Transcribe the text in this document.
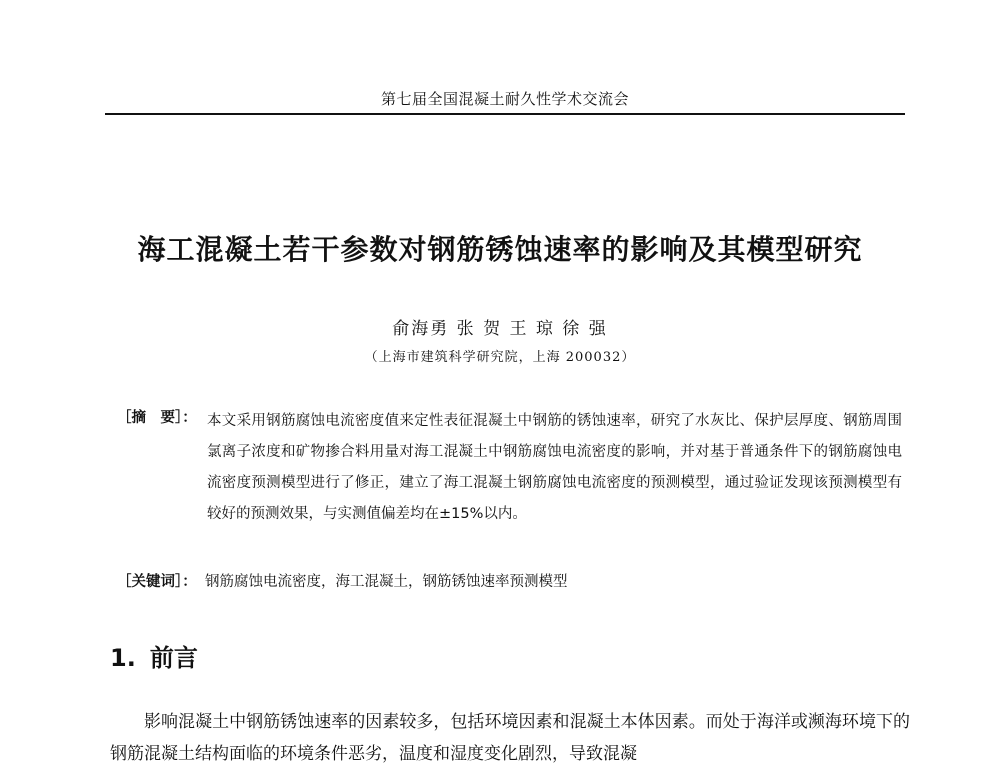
第七届全国混凝土耐久性学术交流会
海工混凝土若干参数对钢筋锈蚀速率的影响及其模型研究
俞海勇 张 贺 王 琼 徐 强
（上海市建筑科学研究院，上海 200032）
［摘　要］： 本文采用钢筋腐蚀电流密度值来定性表征混凝土中钢筋的锈蚀速率，研究了水灰比、保护层厚度、钢筋周围氯离子浓度和矿物掺合料用量对海工混凝土中钢筋腐蚀电流密度的影响，并对基于普通条件下的钢筋腐蚀电流密度预测模型进行了修正，建立了海工混凝土钢筋腐蚀电流密度的预测模型，通过验证发现该预测模型有较好的预测效果，与实测值偏差均在±15%以内。
［关键词］： 钢筋腐蚀电流密度，海工混凝土，钢筋锈蚀速率预测模型
1. 前言
影响混凝土中钢筋锈蚀速率的因素较多，包括环境因素和混凝土本体因素。而处于海洋或濒海环境下的钢筋混凝土结构面临的环境条件恶劣，温度和湿度变化剧烈，导致混凝
